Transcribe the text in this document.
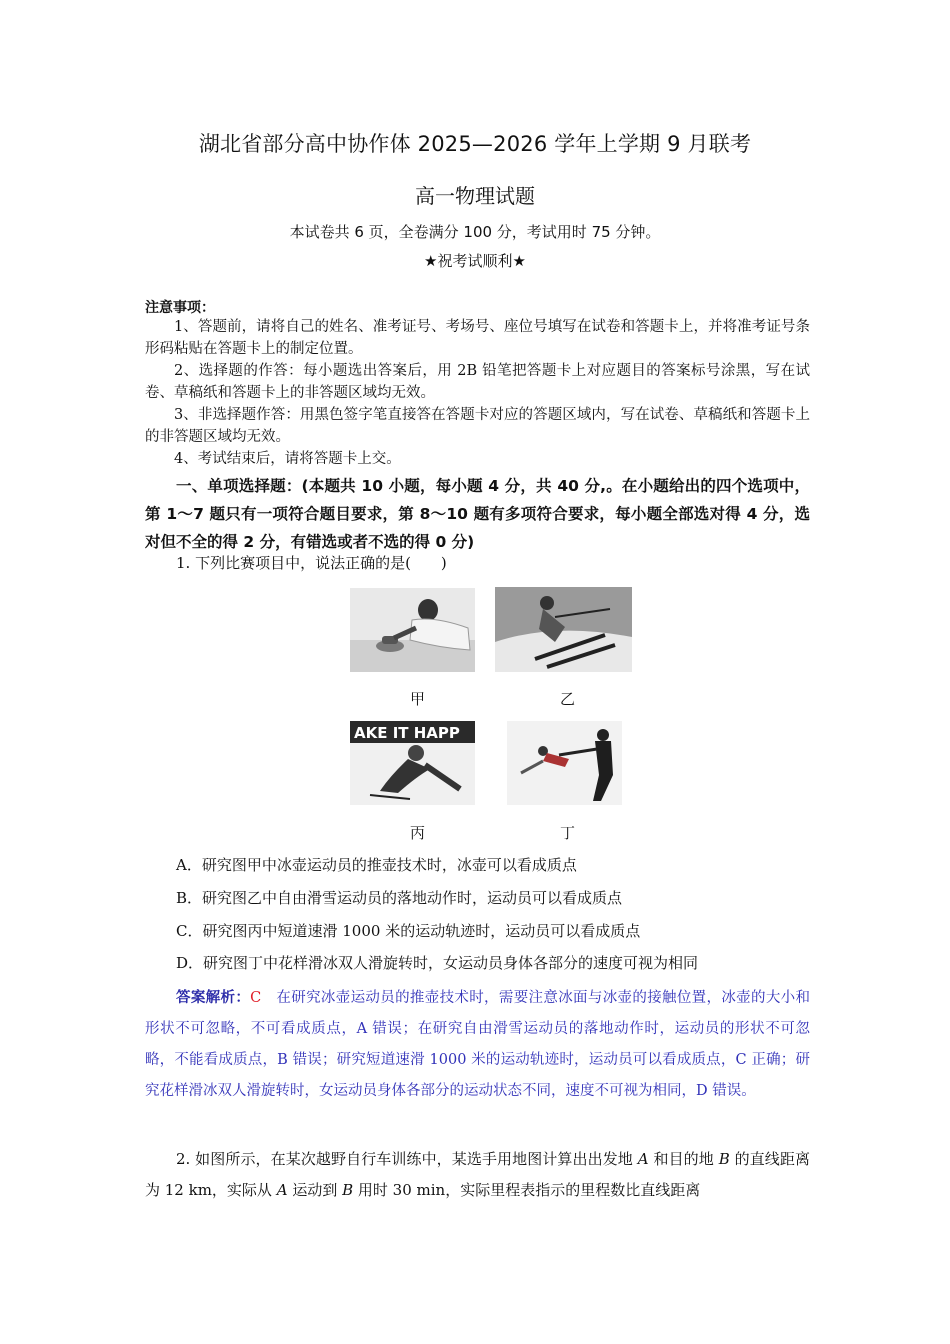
湖北省部分高中协作体 2025—2026 学年上学期 9 月联考
高一物理试题
本试卷共 6 页，全卷满分 100 分，考试用时 75 分钟。
★祝考试顺利★
注意事项：

1、答题前，请将自己的姓名、准考证号、考场号、座位号填写在试卷和答题卡上，并将准考证号条形码粘贴在答题卡上的制定位置。

2、选择题的作答：每小题选出答案后，用 2B 铅笔把答题卡上对应题目的答案标号涂黑，写在试卷、草稿纸和答题卡上的非答题区域均无效。

3、非选择题作答：用黑色签字笔直接答在答题卡对应的答题区域内，写在试卷、草稿纸和答题卡上的非答题区域均无效。

4、考试结束后，请将答题卡上交。

一、单项选择题：(本题共 10 小题，每小题 4 分，共 40 分,。在小题给出的四个选项中，第 1～7 题只有一项符合题目要求，第 8～10 题有多项符合要求，每小题全部选对得 4 分，选对但不全的得 2 分，有错选或者不选的得 0 分)

1. 下列比赛项目中，说法正确的是(　　)
甲	乙
AKE IT HAPP
丙	丁
A．研究图甲中冰壶运动员的推壶技术时，冰壶可以看成质点
B．研究图乙中自由滑雪运动员的落地动作时，运动员可以看成质点
C．研究图丙中短道速滑 1000 米的运动轨迹时，运动员可以看成质点
D．研究图丁中花样滑冰双人滑旋转时，女运动员身体各部分的速度可视为相同

答案解析：C　在研究冰壶运动员的推壶技术时，需要注意冰面与冰壶的接触位置，冰壶的大小和形状不可忽略，不可看成质点，A 错误；在研究自由滑雪运动员的落地动作时，运动员的形状不可忽略，不能看成质点，B 错误；研究短道速滑 1000 米的运动轨迹时，运动员可以看成质点，C 正确；研究花样滑冰双人滑旋转时，女运动员身体各部分的运动状态不同，速度不可视为相同，D 错误。

2. 如图所示，在某次越野自行车训练中，某选手用地图计算出出发地 A 和目的地 B 的直线距离为 12 km，实际从 A 运动到 B 用时 30 min，实际里程表指示的里程数比直线距离
